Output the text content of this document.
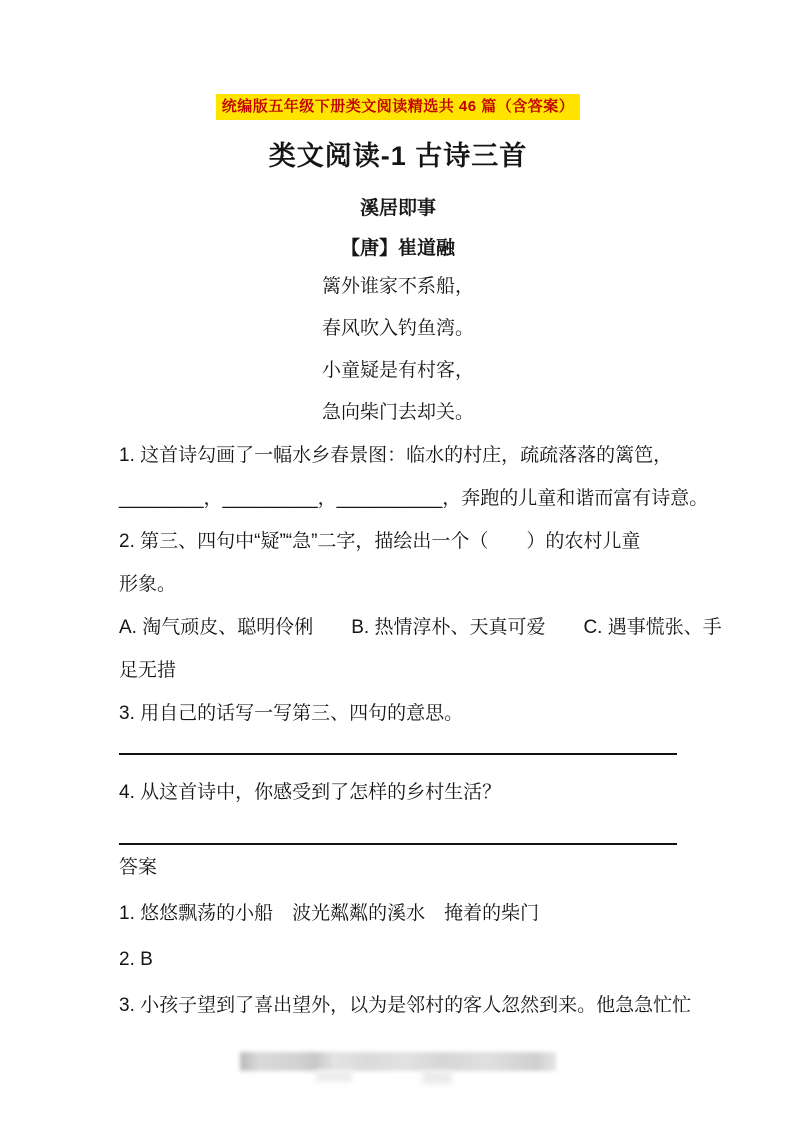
统编版五年级下册类文阅读精选共 46 篇（含答案）
类文阅读-1 古诗三首
溪居即事
【唐】崔道融
篱外谁家不系船，
春风吹入钓鱼湾。
小童疑是有村客，
急向柴门去却关。
1. 这首诗勾画了一幅水乡春景图：临水的村庄，疏疏落落的篱笆，
________，_________，__________，奔跑的儿童和谐而富有诗意。
2. 第三、四句中“疑”“急”二字，描绘出一个（　　）的农村儿童
形象。
A. 淘气顽皮、聪明伶俐　　B. 热情淳朴、天真可爱　　C. 遇事慌张、手
足无措
3. 用自己的话写一写第三、四句的意思。
4. 从这首诗中，你感受到了怎样的乡村生活？
答案
1. 悠悠飘荡的小船　波光粼粼的溪水　掩着的柴门
2. B
3. 小孩子望到了喜出望外，以为是邻村的客人忽然到来。他急急忙忙
